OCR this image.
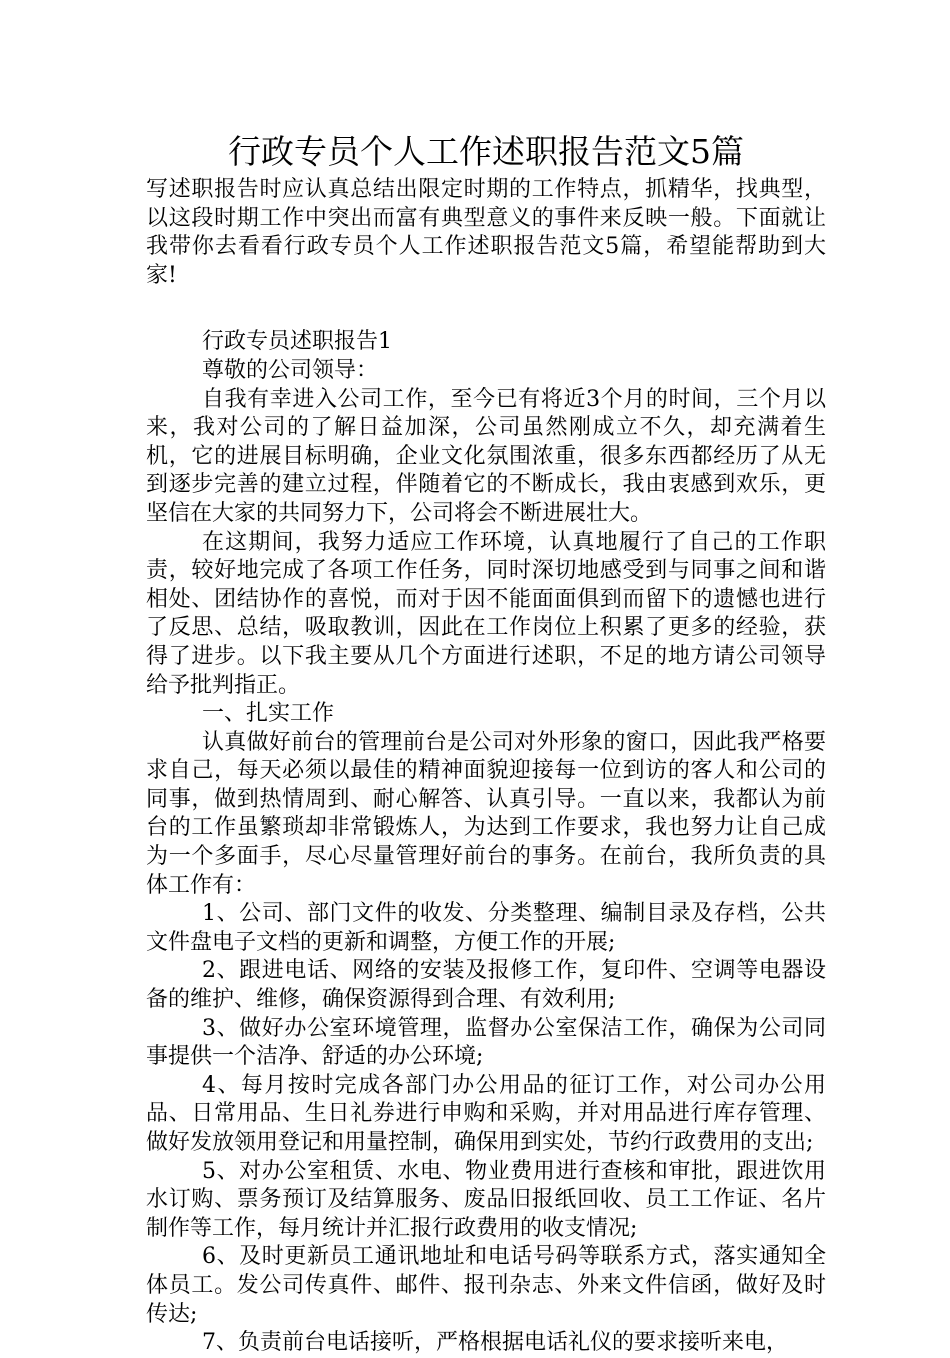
行政专员个人工作述职报告范文5篇

写述职报告时应认真总结出限定时期的工作特点，抓精华，找典型，以这段时期工作中突出而富有典型意义的事件来反映一般。下面就让我带你去看看行政专员个人工作述职报告范文5篇，希望能帮助到大家!

行政专员述职报告1

尊敬的公司领导：

自我有幸进入公司工作，至今已有将近3个月的时间，三个月以来，我对公司的了解日益加深，公司虽然刚成立不久，却充满着生机，它的进展目标明确，企业文化氛围浓重，很多东西都经历了从无到逐步完善的建立过程，伴随着它的不断成长，我由衷感到欢乐，更坚信在大家的共同努力下，公司将会不断进展壮大。

在这期间，我努力适应工作环境，认真地履行了自己的工作职责，较好地完成了各项工作任务，同时深切地感受到与同事之间和谐相处、团结协作的喜悦，而对于因不能面面俱到而留下的遗憾也进行了反思、总结，吸取教训，因此在工作岗位上积累了更多的经验，获得了进步。以下我主要从几个方面进行述职，不足的地方请公司领导给予批判指正。

一、扎实工作

认真做好前台的管理前台是公司对外形象的窗口，因此我严格要求自己，每天必须以最佳的精神面貌迎接每一位到访的客人和公司的同事，做到热情周到、耐心解答、认真引导。一直以来，我都认为前台的工作虽繁琐却非常锻炼人，为达到工作要求，我也努力让自己成为一个多面手，尽心尽量管理好前台的事务。在前台，我所负责的具体工作有：

1、公司、部门文件的收发、分类整理、编制目录及存档，公共文件盘电子文档的更新和调整，方便工作的开展;

2、跟进电话、网络的安装及报修工作，复印件、空调等电器设备的维护、维修，确保资源得到合理、有效利用;

3、做好办公室环境管理，监督办公室保洁工作，确保为公司同事提供一个洁净、舒适的办公环境;

4、每月按时完成各部门办公用品的征订工作，对公司办公用品、日常用品、生日礼券进行申购和采购，并对用品进行库存管理、做好发放领用登记和用量控制，确保用到实处，节约行政费用的支出;

5、对办公室租赁、水电、物业费用进行查核和审批，跟进饮用水订购、票务预订及结算服务、废品旧报纸回收、员工工作证、名片制作等工作，每月统计并汇报行政费用的收支情况;

6、及时更新员工通讯地址和电话号码等联系方式，落实通知全体员工。发公司传真件、邮件、报刊杂志、外来文件信函，做好及时传达;

7、负责前台电话接听，严格根据电话礼仪的要求接听来电，
